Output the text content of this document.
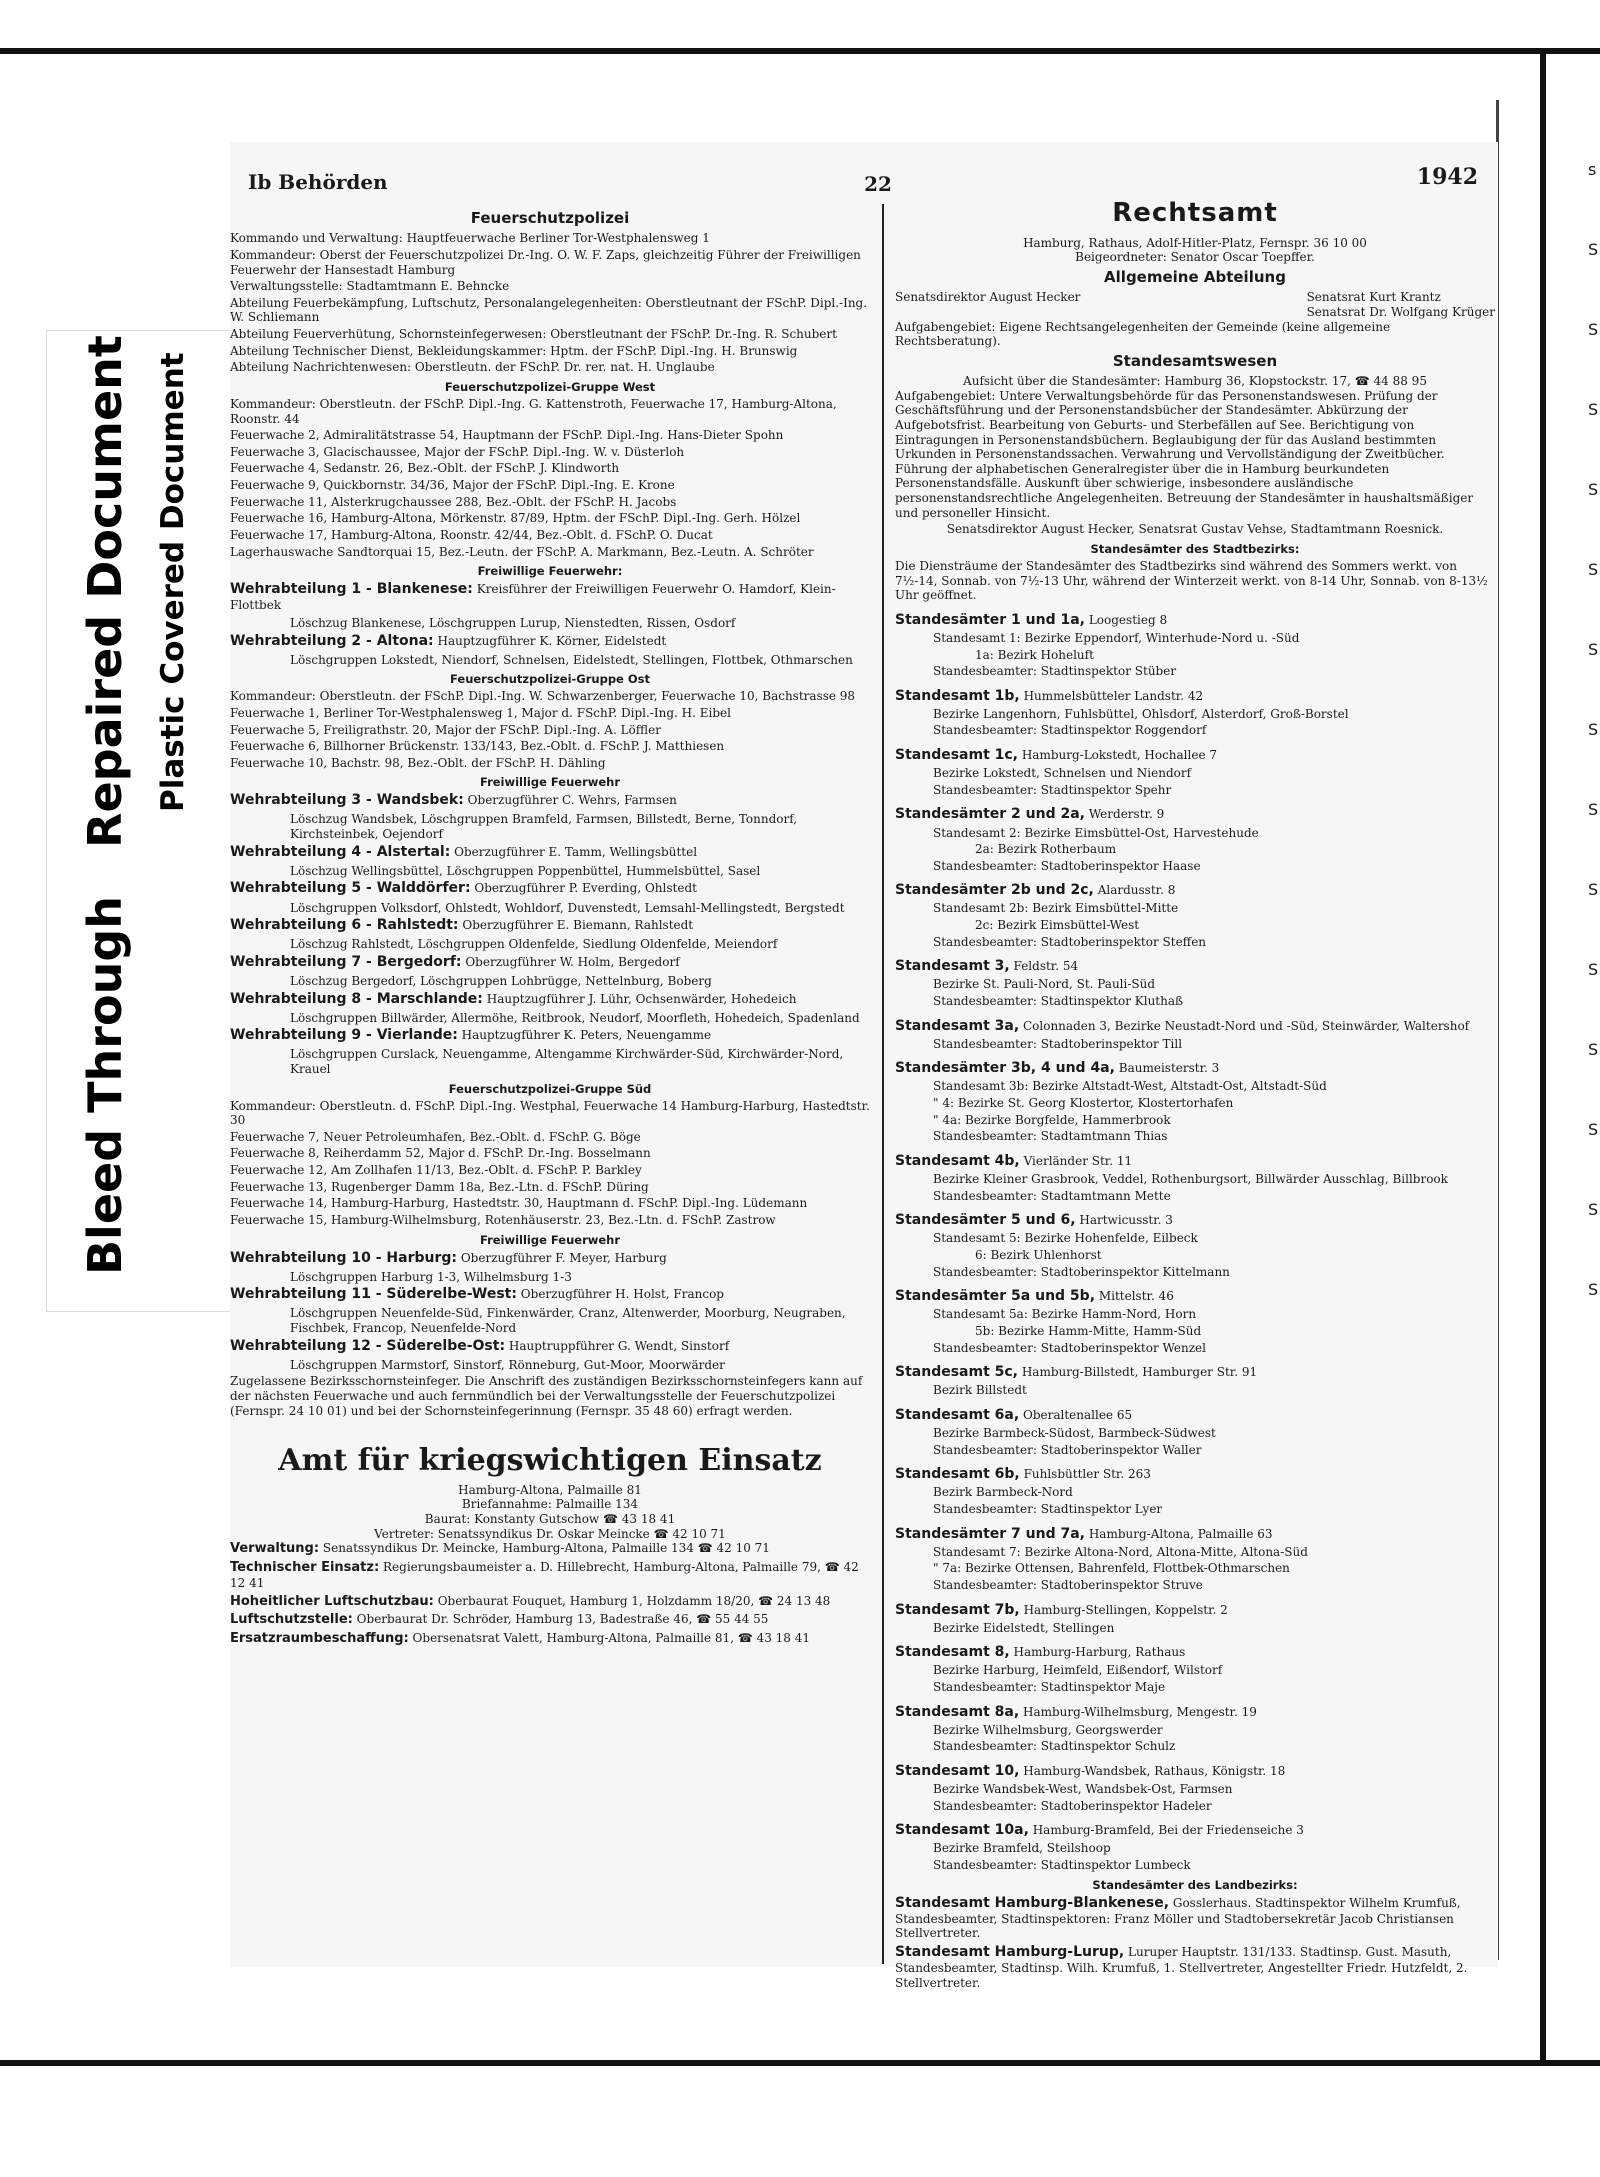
s
S
S
S
S
S
S
S
S
S
S
S
S
S
S
Bleed Through   Repaired Document Plastic Covered Document
Ib Behörden	22	1942
Feuerschutzpolizei

Kommando und Verwaltung: Hauptfeuerwache Berliner Tor-Westphalensweg 1

Kommandeur: Oberst der Feuerschutzpolizei Dr.-Ing. O. W. F. Zaps, gleichzeitig Führer der Freiwilligen Feuerwehr der Hansestadt Hamburg

Verwaltungsstelle: Stadtamtmann E. Behncke

Abteilung Feuerbekämpfung, Luftschutz, Personalangelegenheiten: Oberstleutnant der FSchP. Dipl.-Ing. W. Schliemann

Abteilung Feuerverhütung, Schornsteinfegerwesen: Oberstleutnant der FSchP. Dr.-Ing. R. Schubert

Abteilung Technischer Dienst, Bekleidungskammer: Hptm. der FSchP. Dipl.-Ing. H. Brunswig

Abteilung Nachrichtenwesen: Oberstleutn. der FSchP. Dr. rer. nat. H. Unglaube

Feuerschutzpolizei-Gruppe West

Kommandeur: Oberstleutn. der FSchP. Dipl.-Ing. G. Kattenstroth, Feuerwache 17, Hamburg-Altona, Roonstr. 44

Feuerwache 2, Admiralitätstrasse 54, Hauptmann der FSchP. Dipl.-Ing. Hans-Dieter Spohn

Feuerwache 3, Glacischaussee, Major der FSchP. Dipl.-Ing. W. v. Düsterloh

Feuerwache 4, Sedanstr. 26, Bez.-Oblt. der FSchP. J. Klindworth

Feuerwache 9, Quickbornstr. 34/36, Major der FSchP. Dipl.-Ing. E. Krone

Feuerwache 11, Alsterkrugchaussee 288, Bez.-Oblt. der FSchP. H. Jacobs

Feuerwache 16, Hamburg-Altona, Mörkenstr. 87/89, Hptm. der FSchP. Dipl.-Ing. Gerh. Hölzel

Feuerwache 17, Hamburg-Altona, Roonstr. 42/44, Bez.-Oblt. d. FSchP. O. Ducat

Lagerhauswache Sandtorquai 15, Bez.-Leutn. der FSchP. A. Markmann, Bez.-Leutn. A. Schröter

Freiwillige Feuerwehr:

Wehrabteilung 1 - Blankenese: Kreisführer der Freiwilligen Feuerwehr O. Hamdorf, Klein-Flottbek

Löschzug Blankenese, Löschgruppen Lurup, Nienstedten, Rissen, Osdorf

Wehrabteilung 2 - Altona: Hauptzugführer K. Körner, Eidelstedt

Löschgruppen Lokstedt, Niendorf, Schnelsen, Eidelstedt, Stellingen, Flottbek, Othmarschen

Feuerschutzpolizei-Gruppe Ost

Kommandeur: Oberstleutn. der FSchP. Dipl.-Ing. W. Schwarzenberger, Feuerwache 10, Bachstrasse 98

Feuerwache 1, Berliner Tor-Westphalensweg 1, Major d. FSchP. Dipl.-Ing. H. Eibel

Feuerwache 5, Freiligrathstr. 20, Major der FSchP. Dipl.-Ing. A. Löffler

Feuerwache 6, Billhorner Brückenstr. 133/143, Bez.-Oblt. d. FSchP. J. Matthiesen

Feuerwache 10, Bachstr. 98, Bez.-Oblt. der FSchP. H. Dähling

Freiwillige Feuerwehr

Wehrabteilung 3 - Wandsbek: Oberzugführer C. Wehrs, Farmsen

Löschzug Wandsbek, Löschgruppen Bramfeld, Farmsen, Billstedt, Berne, Tonndorf, Kirchsteinbek, Oejendorf

Wehrabteilung 4 - Alstertal: Oberzugführer E. Tamm, Wellingsbüttel

Löschzug Wellingsbüttel, Löschgruppen Poppenbüttel, Hummelsbüttel, Sasel

Wehrabteilung 5 - Walddörfer: Oberzugführer P. Everding, Ohlstedt

Löschgruppen Volksdorf, Ohlstedt, Wohldorf, Duvenstedt, Lemsahl-Mellingstedt, Bergstedt

Wehrabteilung 6 - Rahlstedt: Oberzugführer E. Biemann, Rahlstedt

Löschzug Rahlstedt, Löschgruppen Oldenfelde, Siedlung Oldenfelde, Meiendorf

Wehrabteilung 7 - Bergedorf: Oberzugführer W. Holm, Bergedorf

Löschzug Bergedorf, Löschgruppen Lohbrügge, Nettelnburg, Boberg

Wehrabteilung 8 - Marschlande: Hauptzugführer J. Lühr, Ochsenwärder, Hohedeich

Löschgruppen Billwärder, Allermöhe, Reitbrook, Neudorf, Moorfleth, Hohedeich, Spadenland

Wehrabteilung 9 - Vierlande: Hauptzugführer K. Peters, Neuengamme

Löschgruppen Curslack, Neuengamme, Altengamme Kirchwärder-Süd, Kirchwärder-Nord, Krauel

Feuerschutzpolizei-Gruppe Süd

Kommandeur: Oberstleutn. d. FSchP. Dipl.-Ing. Westphal, Feuerwache 14 Hamburg-Harburg, Hastedtstr. 30

Feuerwache 7, Neuer Petroleumhafen, Bez.-Oblt. d. FSchP. G. Böge

Feuerwache 8, Reiherdamm 52, Major d. FSchP. Dr.-Ing. Bosselmann

Feuerwache 12, Am Zollhafen 11/13, Bez.-Oblt. d. FSchP. P. Barkley

Feuerwache 13, Rugenberger Damm 18a, Bez.-Ltn. d. FSchP. Düring

Feuerwache 14, Hamburg-Harburg, Hastedtstr. 30, Hauptmann d. FSchP. Dipl.-Ing. Lüdemann

Feuerwache 15, Hamburg-Wilhelmsburg, Rotenhäuserstr. 23, Bez.-Ltn. d. FSchP. Zastrow

Freiwillige Feuerwehr

Wehrabteilung 10 - Harburg: Oberzugführer F. Meyer, Harburg

Löschgruppen Harburg 1-3, Wilhelmsburg 1-3

Wehrabteilung 11 - Süderelbe-West: Oberzugführer H. Holst, Francop

Löschgruppen Neuenfelde-Süd, Finkenwärder, Cranz, Altenwerder, Moorburg, Neugraben, Fischbek, Francop, Neuenfelde-Nord

Wehrabteilung 12 - Süderelbe-Ost: Hauptruppführer G. Wendt, Sinstorf

Löschgruppen Marmstorf, Sinstorf, Rönneburg, Gut-Moor, Moorwärder

Zugelassene Bezirksschornsteinfeger. Die Anschrift des zuständigen Bezirksschornsteinfegers kann auf der nächsten Feuerwache und auch fernmündlich bei der Verwaltungsstelle der Feuerschutzpolizei (Fernspr. 24 10 01) und bei der Schornsteinfegerinnung (Fernspr. 35 48 60) erfragt werden.

Amt für kriegswichtigen Einsatz
Hamburg-Altona, Palmaille 81
Briefannahme: Palmaille 134
Baurat: Konstanty Gutschow ☎ 43 18 41
Vertreter: Senatssyndikus Dr. Oskar Meincke ☎ 42 10 71

Verwaltung: Senatssyndikus Dr. Meincke, Hamburg-Altona, Palmaille 134 ☎ 42 10 71

Technischer Einsatz: Regierungsbaumeister a. D. Hillebrecht, Hamburg-Altona, Palmaille 79, ☎ 42 12 41

Hoheitlicher Luftschutzbau: Oberbaurat Fouquet, Hamburg 1, Holzdamm 18/20, ☎ 24 13 48

Luftschutzstelle: Oberbaurat Dr. Schröder, Hamburg 13, Badestraße 46, ☎ 55 44 55

Ersatzraumbeschaffung: Obersenatsrat Valett, Hamburg-Altona, Palmaille 81, ☎ 43 18 41

Rechtsamt
Hamburg, Rathaus, Adolf-Hitler-Platz, Fernspr. 36 10 00
Beigeordneter: Senator Oscar Toepffer.
Allgemeine Abteilung
Senatsdirektor August Hecker	Senatsrat Kurt Krantz
Senatsrat Dr. Wolfgang Krüger

Aufgabengebiet: Eigene Rechtsangelegenheiten der Gemeinde (keine allgemeine Rechtsberatung).

Standesamtswesen
Aufsicht über die Standesämter: Hamburg 36, Klopstockstr. 17, ☎ 44 88 95

Aufgabengebiet: Untere Verwaltungsbehörde für das Personenstandswesen. Prüfung der Geschäftsführung und der Personenstandsbücher der Standesämter. Abkürzung der Aufgebotsfrist. Bearbeitung von Geburts- und Sterbefällen auf See. Berichtigung von Eintragungen in Personenstandsbüchern. Beglaubigung der für das Ausland bestimmten Urkunden in Personenstandssachen. Verwahrung und Vervollständigung der Zweitbücher. Führung der alphabetischen Generalregister über die in Hamburg beurkundeten Personenstandsfälle. Auskunft über schwierige, insbesondere ausländische personenstandsrechtliche Angelegenheiten. Betreuung der Standesämter in haushaltsmäßiger und personeller Hinsicht.

Senatsdirektor August Hecker, Senatsrat Gustav Vehse, Stadtamtmann Roesnick.
Standesämter des Stadtbezirks:

Die Diensträume der Standesämter des Stadtbezirks sind während des Sommers werkt. von 7½-14, Sonnab. von 7½-13 Uhr, während der Winterzeit werkt. von 8-14 Uhr, Sonnab. von 8-13½ Uhr geöffnet.

Standesämter 1 und 1a, Loogestieg 8

Standesamt 1: Bezirke Eppendorf, Winterhude-Nord u. -Süd

1a: Bezirk Hoheluft

Standesbeamter: Stadtinspektor Stüber

Standesamt 1b, Hummelsbütteler Landstr. 42

Bezirke Langenhorn, Fuhlsbüttel, Ohlsdorf, Alsterdorf, Groß-Borstel

Standesbeamter: Stadtinspektor Roggendorf

Standesamt 1c, Hamburg-Lokstedt, Hochallee 7

Bezirke Lokstedt, Schnelsen und Niendorf

Standesbeamter: Stadtinspektor Spehr

Standesämter 2 und 2a, Werderstr. 9

Standesamt 2: Bezirke Eimsbüttel-Ost, Harvestehude

2a: Bezirk Rotherbaum

Standesbeamter: Stadtoberinspektor Haase

Standesämter 2b und 2c, Alardusstr. 8

Standesamt 2b: Bezirk Eimsbüttel-Mitte

2c: Bezirk Eimsbüttel-West

Standesbeamter: Stadtoberinspektor Steffen

Standesamt 3, Feldstr. 54

Bezirke St. Pauli-Nord, St. Pauli-Süd

Standesbeamter: Stadtinspektor Kluthaß

Standesamt 3a, Colonnaden 3, Bezirke Neustadt-Nord und -Süd, Steinwärder, Waltershof

Standesbeamter: Stadtoberinspektor Till

Standesämter 3b, 4 und 4a, Baumeisterstr. 3

Standesamt 3b: Bezirke Altstadt-West, Altstadt-Ost, Altstadt-Süd

" 4: Bezirke St. Georg Klostertor, Klostertorhafen

" 4a: Bezirke Borgfelde, Hammerbrook

Standesbeamter: Stadtamtmann Thias

Standesamt 4b, Vierländer Str. 11

Bezirke Kleiner Grasbrook, Veddel, Rothenburgsort, Billwärder Ausschlag, Billbrook

Standesbeamter: Stadtamtmann Mette

Standesämter 5 und 6, Hartwicusstr. 3

Standesamt 5: Bezirke Hohenfelde, Eilbeck

6: Bezirk Uhlenhorst

Standesbeamter: Stadtoberinspektor Kittelmann

Standesämter 5a und 5b, Mittelstr. 46

Standesamt 5a: Bezirke Hamm-Nord, Horn

5b: Bezirke Hamm-Mitte, Hamm-Süd

Standesbeamter: Stadtoberinspektor Wenzel

Standesamt 5c, Hamburg-Billstedt, Hamburger Str. 91

Bezirk Billstedt

Standesamt 6a, Oberaltenallee 65

Bezirke Barmbeck-Südost, Barmbeck-Südwest

Standesbeamter: Stadtoberinspektor Waller

Standesamt 6b, Fuhlsbüttler Str. 263

Bezirk Barmbeck-Nord

Standesbeamter: Stadtinspektor Lyer

Standesämter 7 und 7a, Hamburg-Altona, Palmaille 63

Standesamt 7: Bezirke Altona-Nord, Altona-Mitte, Altona-Süd

" 7a: Bezirke Ottensen, Bahrenfeld, Flottbek-Othmarschen

Standesbeamter: Stadtoberinspektor Struve

Standesamt 7b, Hamburg-Stellingen, Koppelstr. 2

Bezirke Eidelstedt, Stellingen

Standesamt 8, Hamburg-Harburg, Rathaus

Bezirke Harburg, Heimfeld, Eißendorf, Wilstorf

Standesbeamter: Stadtinspektor Maje

Standesamt 8a, Hamburg-Wilhelmsburg, Mengestr. 19

Bezirke Wilhelmsburg, Georgswerder

Standesbeamter: Stadtinspektor Schulz

Standesamt 10, Hamburg-Wandsbek, Rathaus, Königstr. 18

Bezirke Wandsbek-West, Wandsbek-Ost, Farmsen

Standesbeamter: Stadtoberinspektor Hadeler

Standesamt 10a, Hamburg-Bramfeld, Bei der Friedenseiche 3

Bezirke Bramfeld, Steilshoop

Standesbeamter: Stadtinspektor Lumbeck

Standesämter des Landbezirks:

Standesamt Hamburg-Blankenese, Gosslerhaus. Stadtinspektor Wilhelm Krumfuß, Standesbeamter, Stadtinspektoren: Franz Möller und Stadtobersekretär Jacob Christiansen Stellvertreter.

Standesamt Hamburg-Lurup, Luruper Hauptstr. 131/133. Stadtinsp. Gust. Masuth, Standesbeamter, Stadtinsp. Wilh. Krumfuß, 1. Stellvertreter, Angestellter Friedr. Hutzfeldt, 2. Stellvertreter.
